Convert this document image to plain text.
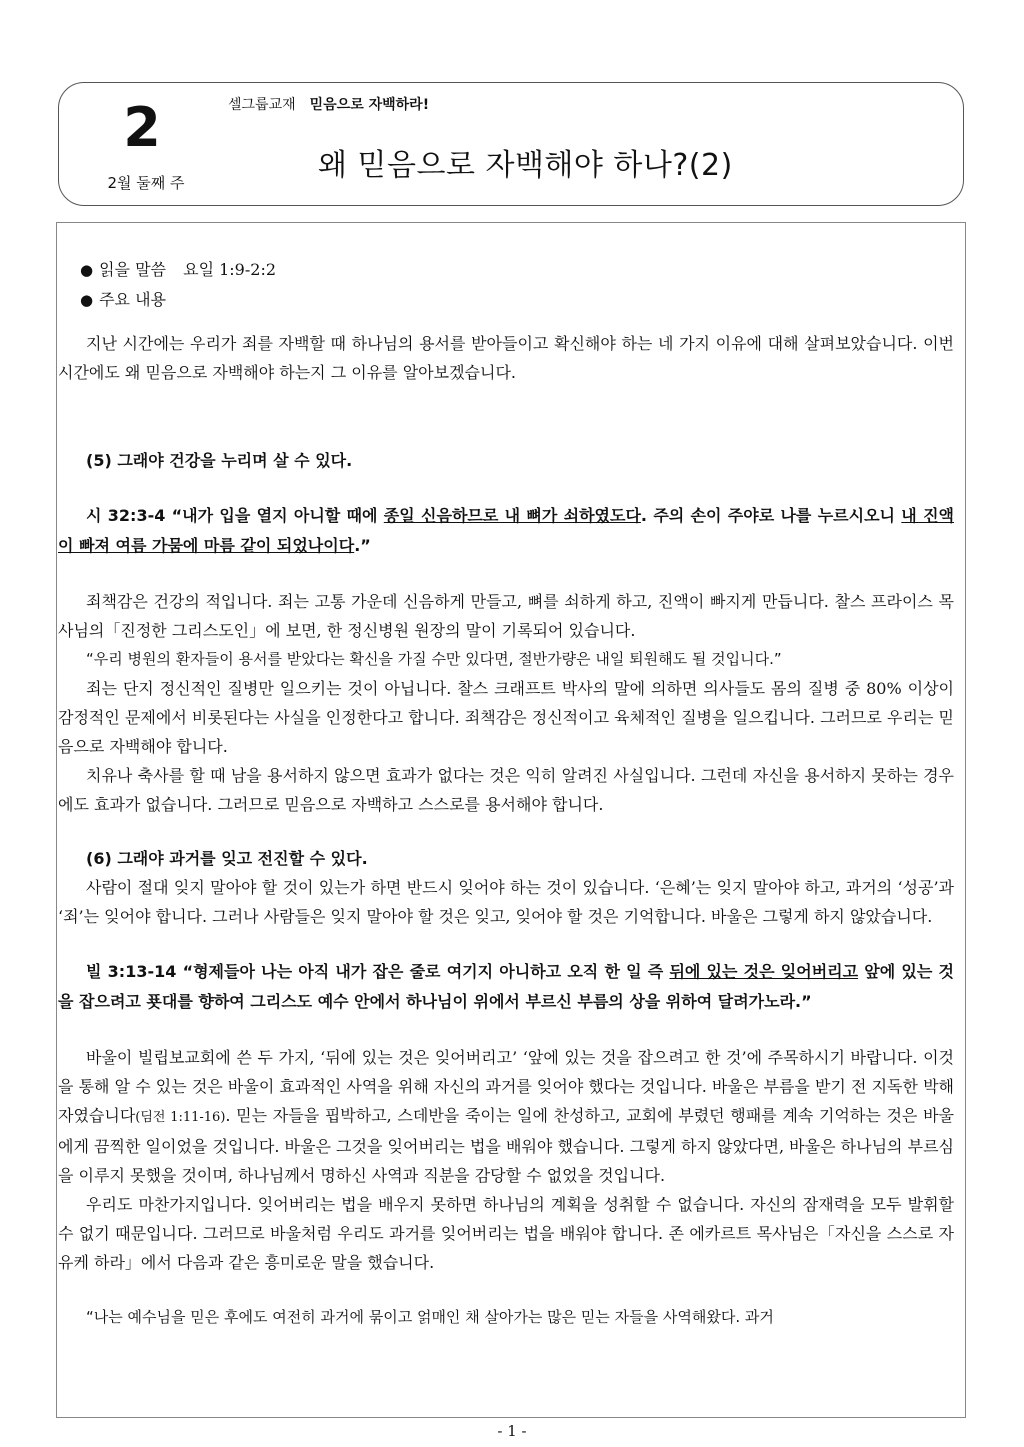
2
2월 둘째 주
셀그룹교재 믿음으로 자백하라!
왜 믿음으로 자백해야 하나?(2)
● 읽을 말씀 요일 1:9-2:2
● 주요 내용

지난 시간에는 우리가 죄를 자백할 때 하나님의 용서를 받아들이고 확신해야 하는 네 가지 이유에 대해 살펴보았습니다. 이번 시간에도 왜 믿음으로 자백해야 하는지 그 이유를 알아보겠습니다.

(5) 그래야 건강을 누리며 살 수 있다.

시 32:3-4 “내가 입을 열지 아니할 때에 종일 신음하므로 내 뼈가 쇠하였도다. 주의 손이 주야로 나를 누르시오니 내 진액이 빠져 여름 가뭄에 마름 같이 되었나이다.”

죄책감은 건강의 적입니다. 죄는 고통 가운데 신음하게 만들고, 뼈를 쇠하게 하고, 진액이 빠지게 만듭니다. 찰스 프라이스 목사님의「진정한 그리스도인」에 보면, 한 정신병원 원장의 말이 기록되어 있습니다.

“우리 병원의 환자들이 용서를 받았다는 확신을 가질 수만 있다면, 절반가량은 내일 퇴원해도 될 것입니다.”

죄는 단지 정신적인 질병만 일으키는 것이 아닙니다. 찰스 크래프트 박사의 말에 의하면 의사들도 몸의 질병 중 80% 이상이 감정적인 문제에서 비롯된다는 사실을 인정한다고 합니다. 죄책감은 정신적이고 육체적인 질병을 일으킵니다. 그러므로 우리는 믿음으로 자백해야 합니다.

치유나 축사를 할 때 남을 용서하지 않으면 효과가 없다는 것은 익히 알려진 사실입니다. 그런데 자신을 용서하지 못하는 경우에도 효과가 없습니다. 그러므로 믿음으로 자백하고 스스로를 용서해야 합니다.

(6) 그래야 과거를 잊고 전진할 수 있다.

사람이 절대 잊지 말아야 할 것이 있는가 하면 반드시 잊어야 하는 것이 있습니다. ‘은혜’는 잊지 말아야 하고, 과거의 ‘성공’과 ‘죄’는 잊어야 합니다. 그러나 사람들은 잊지 말아야 할 것은 잊고, 잊어야 할 것은 기억합니다. 바울은 그렇게 하지 않았습니다.

빌 3:13-14 “형제들아 나는 아직 내가 잡은 줄로 여기지 아니하고 오직 한 일 즉 뒤에 있는 것은 잊어버리고 앞에 있는 것을 잡으려고 푯대를 향하여 그리스도 예수 안에서 하나님이 위에서 부르신 부름의 상을 위하여 달려가노라.”

바울이 빌립보교회에 쓴 두 가지, ‘뒤에 있는 것은 잊어버리고’ ‘앞에 있는 것을 잡으려고 한 것’에 주목하시기 바랍니다. 이것을 통해 알 수 있는 것은 바울이 효과적인 사역을 위해 자신의 과거를 잊어야 했다는 것입니다. 바울은 부름을 받기 전 지독한 박해자였습니다(딤전 1:11-16). 믿는 자들을 핍박하고, 스데반을 죽이는 일에 찬성하고, 교회에 부렸던 행패를 계속 기억하는 것은 바울에게 끔찍한 일이었을 것입니다. 바울은 그것을 잊어버리는 법을 배워야 했습니다. 그렇게 하지 않았다면, 바울은 하나님의 부르심을 이루지 못했을 것이며, 하나님께서 명하신 사역과 직분을 감당할 수 없었을 것입니다.

우리도 마찬가지입니다. 잊어버리는 법을 배우지 못하면 하나님의 계획을 성취할 수 없습니다. 자신의 잠재력을 모두 발휘할 수 없기 때문입니다. 그러므로 바울처럼 우리도 과거를 잊어버리는 법을 배워야 합니다. 존 에카르트 목사님은「자신을 스스로 자유케 하라」에서 다음과 같은 흥미로운 말을 했습니다.

“나는 예수님을 믿은 후에도 여전히 과거에 묶이고 얽매인 채 살아가는 많은 믿는 자들을 사역해왔다. 과거

- 1 -
